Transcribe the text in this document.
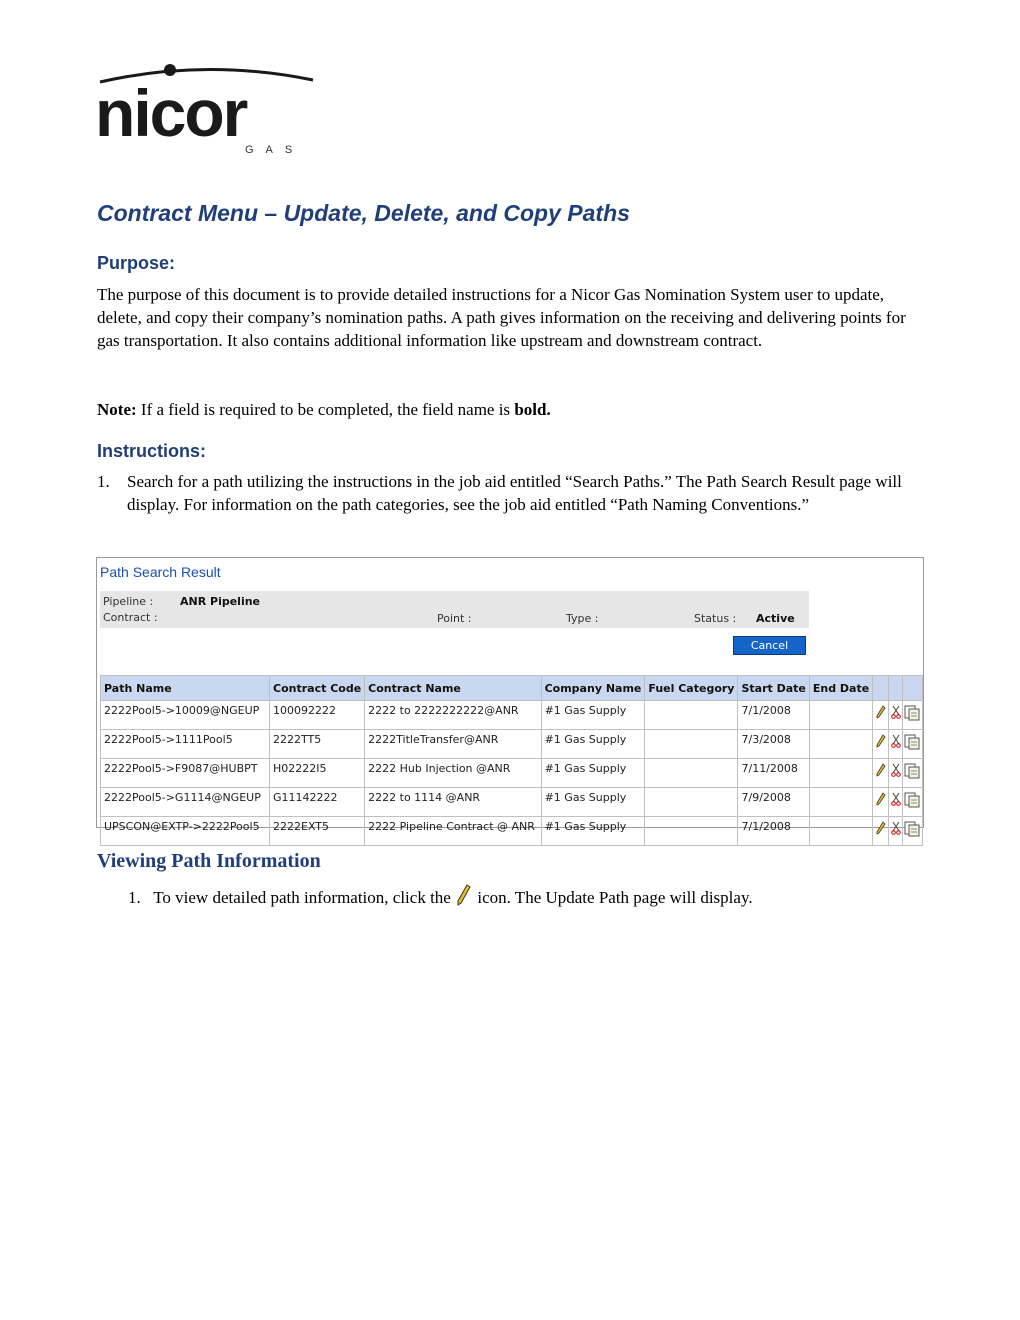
nicor
GAS
Contract Menu – Update, Delete, and Copy Paths
Purpose:
The purpose of this document is to provide detailed instructions for a Nicor Gas Nomination System user to update, delete, and copy their company’s nomination paths. A path gives information on the receiving and delivering points for gas transportation. It also contains additional information like upstream and downstream contract.
Note: If a field is required to be completed, the field name is bold.
Instructions:
1. Search for a path utilizing the instructions in the job aid entitled “Search Paths.” The Path Search Result page will display. For information on the path categories, see the job aid entitled “Path Naming Conventions.”
Path Search Result
Pipeline : ANR Pipeline
Contract :	Point :	Type :	Status : Active
Cancel
Path Name	Contract Code	Contract Name	Company Name	Fuel Category	Start Date	End Date			
2222Pool5->10009@NGEUP	100092222	2222 to 2222222222@ANR	#1 Gas Supply		7/1/2008				
2222Pool5->1111Pool5	2222TT5	2222TitleTransfer@ANR	#1 Gas Supply		7/3/2008				
2222Pool5->F9087@HUBPT	H02222I5	2222 Hub Injection @ANR	#1 Gas Supply		7/11/2008				
2222Pool5->G1114@NGEUP	G11142222	2222 to 1114 @ANR	#1 Gas Supply		7/9/2008				
UPSCON@EXTP->2222Pool5	2222EXT5	2222 Pipeline Contract @ ANR	#1 Gas Supply		7/1/2008				
Viewing Path Information
1. To view detailed path information, click the  icon. The Update Path page will display.
